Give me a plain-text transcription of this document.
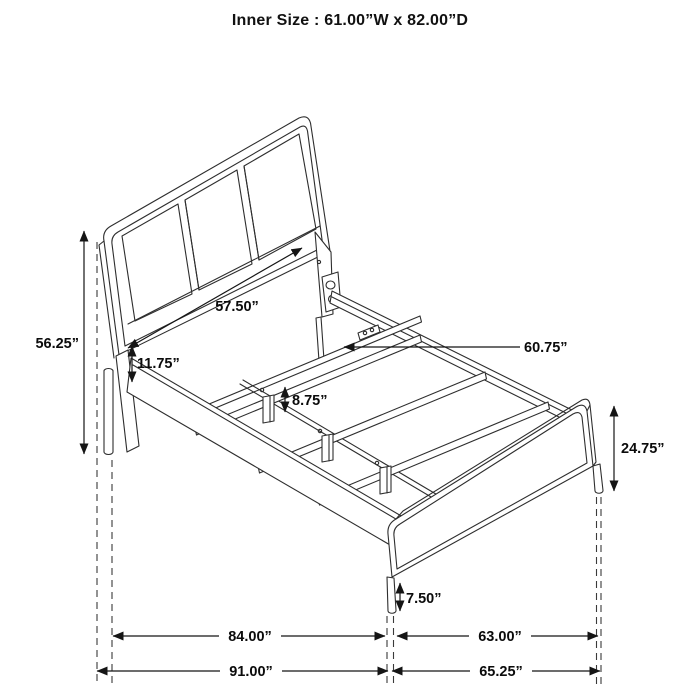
Inner Size : 61.00”W x 82.00”D
56.25”
57.50”
11.75”
60.75”
8.75”
24.75”
7.50”
84.00”	63.00”
91.00”	65.25”
